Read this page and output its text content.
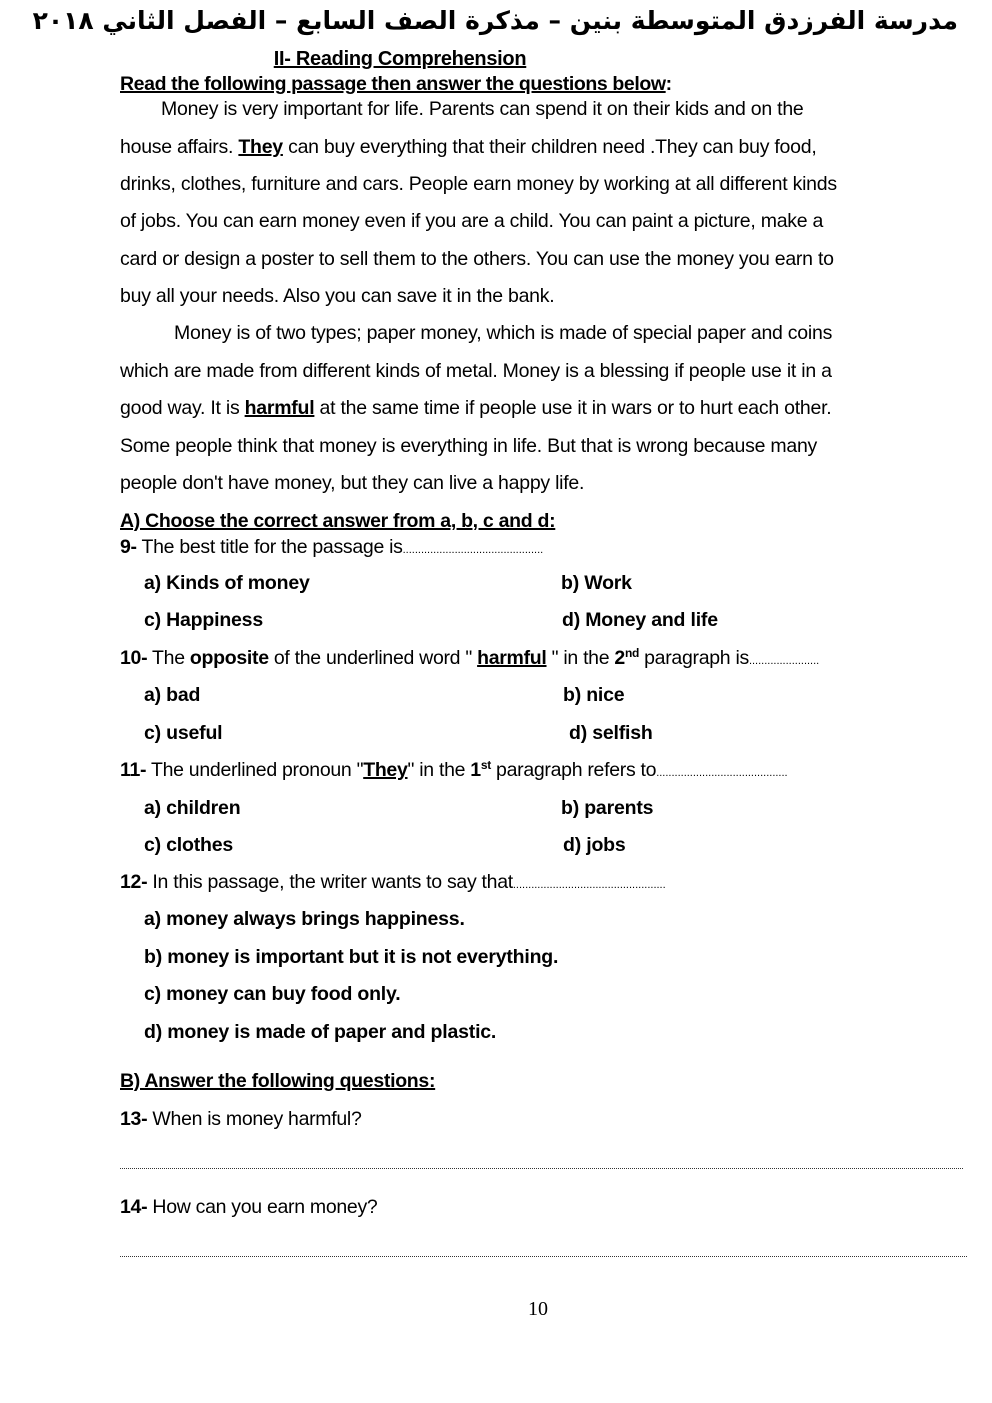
مدرسة الفرزدق المتوسطة بنين – مذكرة الصف السابع – الفصل الثاني ٢٠١٨
II- Reading Comprehension
Read the following passage then answer the questions below:

Money is very important for life. Parents can spend it on their kids and on the

house affairs. They can buy everything that their children need .They can buy food,

drinks, clothes, furniture and cars. People earn money by working at all different kinds

of jobs. You can earn money even if you are a child. You can paint a picture, make a

card or design a poster to sell them to the others. You can use the money you earn to

buy all your needs. Also you can save it in the bank.

Money is of two types; paper money, which is made of special paper and coins

which are made from different kinds of metal. Money is a blessing if people use it in a

good way. It is harmful at the same time if people use it in wars or to hurt each other.

Some people think that money is everything in life. But that is wrong because many

people don't have money, but they can live a happy life.

A) Choose the correct answer from a, b, c and d:
9- The best title for the passage is..............................................
a) Kinds of money	b) Work
c) Happiness	d) Money and life
10- The opposite of the underlined word " harmful " in the 2nd paragraph is.......................
a) bad	b) nice
c) useful	d) selfish
11- The underlined pronoun "They" in the 1st paragraph refers to...........................................
a) children	b) parents
c) clothes	d) jobs
12- In this passage, the writer wants to say that..................................................
a) money always brings happiness.
b) money is important but it is not everything.
c) money can buy food only.
d) money is made of paper and plastic.
B) Answer the following questions:
13- When is money harmful?
14- How can you earn money?
10
